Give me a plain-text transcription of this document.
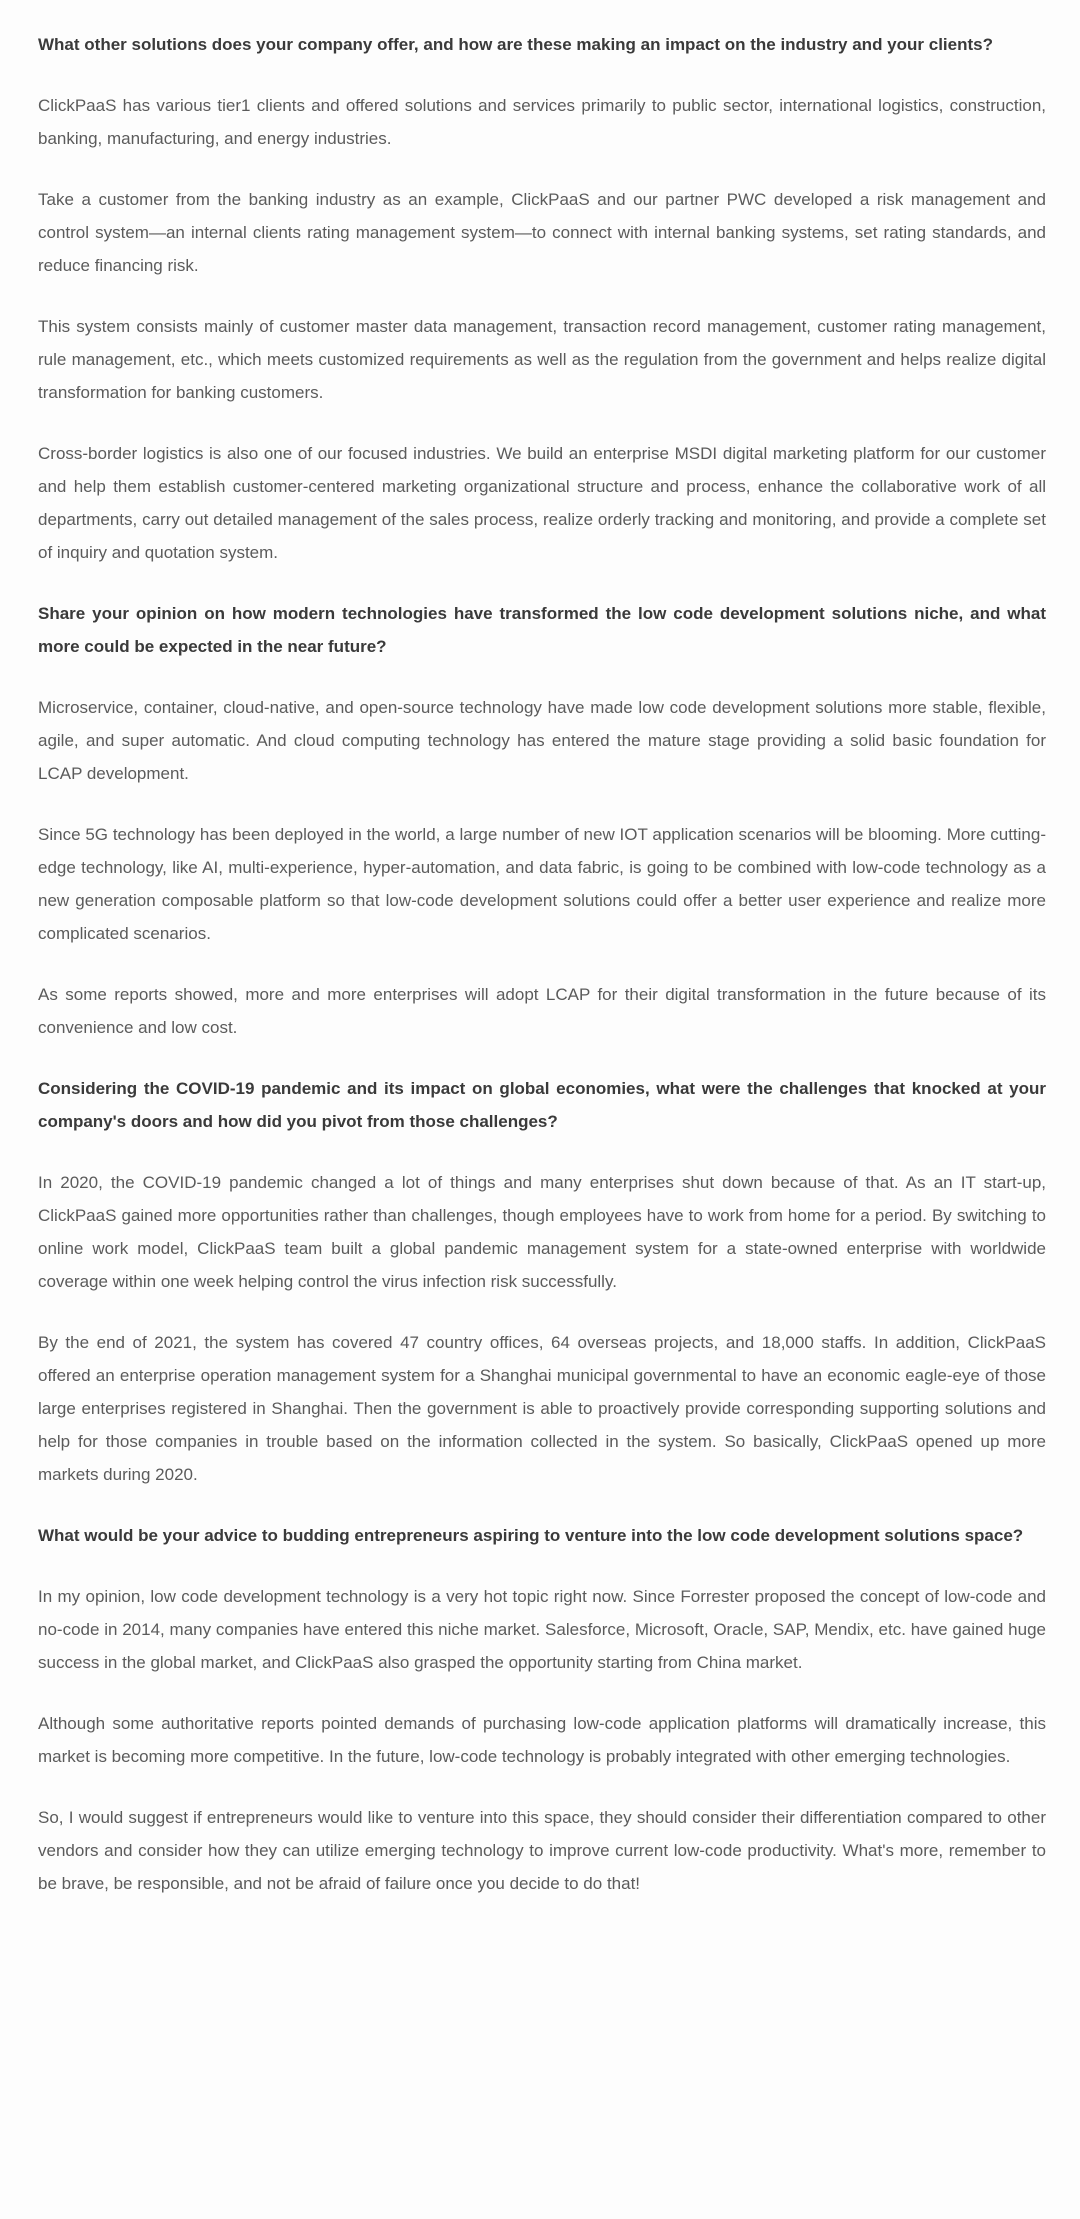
What other solutions does your company offer, and how are these making an impact on the industry and your clients?
ClickPaaS has various tier1 clients and offered solutions and services primarily to public sector, international logistics, construction, banking, manufacturing, and energy industries.
Take a customer from the banking industry as an example, ClickPaaS and our partner PWC developed a risk management and control system—an internal clients rating management system—to connect with internal banking systems, set rating standards, and reduce financing risk.
This system consists mainly of customer master data management, transaction record management, customer rating management, rule management, etc., which meets customized requirements as well as the regulation from the government and helps realize digital transformation for banking customers.
Cross-border logistics is also one of our focused industries. We build an enterprise MSDI digital marketing platform for our customer and help them establish customer-centered marketing organizational structure and process, enhance the collaborative work of all departments, carry out detailed management of the sales process, realize orderly tracking and monitoring, and provide a complete set of inquiry and quotation system.
Share your opinion on how modern technologies have transformed the low code development solutions niche, and what more could be expected in the near future?
Microservice, container, cloud-native, and open-source technology have made low code development solutions more stable, flexible, agile, and super automatic. And cloud computing technology has entered the mature stage providing a solid basic foundation for LCAP development.
Since 5G technology has been deployed in the world, a large number of new IOT application scenarios will be blooming. More cutting-edge technology, like AI, multi-experience, hyper-automation, and data fabric, is going to be combined with low-code technology as a new generation composable platform so that low-code development solutions could offer a better user experience and realize more complicated scenarios.
As some reports showed, more and more enterprises will adopt LCAP for their digital transformation in the future because of its convenience and low cost.
Considering the COVID-19 pandemic and its impact on global economies, what were the challenges that knocked at your company's doors and how did you pivot from those challenges?
In 2020, the COVID-19 pandemic changed a lot of things and many enterprises shut down because of that. As an IT start-up, ClickPaaS gained more opportunities rather than challenges, though employees have to work from home for a period. By switching to online work model, ClickPaaS team built a global pandemic management system for a state-owned enterprise with worldwide coverage within one week helping control the virus infection risk successfully.
By the end of 2021, the system has covered 47 country offices, 64 overseas projects, and 18,000 staffs. In addition, ClickPaaS offered an enterprise operation management system for a Shanghai municipal governmental to have an economic eagle-eye of those large enterprises registered in Shanghai. Then the government is able to proactively provide corresponding supporting solutions and help for those companies in trouble based on the information collected in the system. So basically, ClickPaaS opened up more markets during 2020.
What would be your advice to budding entrepreneurs aspiring to venture into the low code development solutions space?
In my opinion, low code development technology is a very hot topic right now. Since Forrester proposed the concept of low-code and no-code in 2014, many companies have entered this niche market. Salesforce, Microsoft, Oracle, SAP, Mendix, etc. have gained huge success in the global market, and ClickPaaS also grasped the opportunity starting from China market.
Although some authoritative reports pointed demands of purchasing low-code application platforms will dramatically increase, this market is becoming more competitive. In the future, low-code technology is probably integrated with other emerging technologies.
So, I would suggest if entrepreneurs would like to venture into this space, they should consider their differentiation compared to other vendors and consider how they can utilize emerging technology to improve current low-code productivity. What's more, remember to be brave, be responsible, and not be afraid of failure once you decide to do that!
